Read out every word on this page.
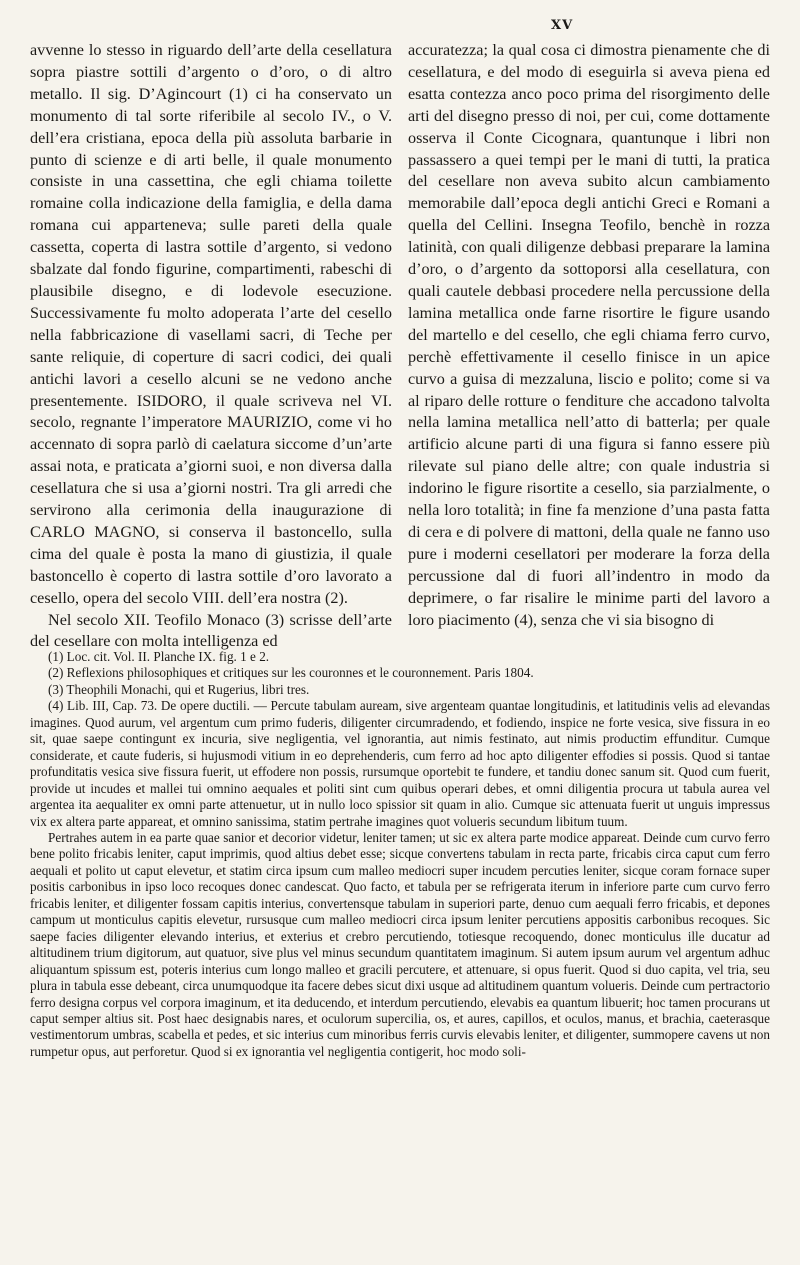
XV

avvenne lo stesso in riguardo dell’arte della cesellatura sopra piastre sottili d’argento o d’oro, o di altro metallo. Il sig. D’Agincourt (1) ci ha conservato un monumento di tal sorte riferibile al secolo IV., o V. dell’era cristiana, epoca della più assoluta barbarie in punto di scienze e di arti belle, il quale monumento consiste in una cassettina, che egli chiama toilette romaine colla indicazione della famiglia, e della dama romana cui apparteneva; sulle pareti della quale cassetta, coperta di lastra sottile d’argento, si vedono sbalzate dal fondo figurine, compartimenti, rabeschi di plausibile disegno, e di lodevole esecuzione. Successivamente fu molto adoperata l’arte del cesello nella fabbricazione di vasellami sacri, di Teche per sante reliquie, di coperture di sacri codici, dei quali antichi lavori a cesello alcuni se ne vedono anche presentemente. ISIDORO, il quale scriveva nel VI. secolo, regnante l’imperatore MAURIZIO, come vi ho accennato di sopra parlò di caelatura siccome d’un’arte assai nota, e praticata a’giorni suoi, e non diversa dalla cesellatura che si usa a’giorni nostri. Tra gli arredi che servirono alla cerimonia della inaugurazione di CARLO MAGNO, si conserva il bastoncello, sulla cima del quale è posta la mano di giustizia, il quale bastoncello è coperto di lastra sottile d’oro lavorato a cesello, opera del secolo VIII. dell’era nostra (2).

Nel secolo XII. Teofilo Monaco (3) scrisse dell’arte del cesellare con molta intelligenza ed

accuratezza; la qual cosa ci dimostra pienamente che di cesellatura, e del modo di eseguirla si aveva piena ed esatta contezza anco poco prima del risorgimento delle arti del disegno presso di noi, per cui, come dottamente osserva il Conte Cicognara, quantunque i libri non passassero a quei tempi per le mani di tutti, la pratica del cesellare non aveva subito alcun cambiamento memorabile dall’epoca degli antichi Greci e Romani a quella del Cellini. Insegna Teofilo, benchè in rozza latinità, con quali diligenze debbasi preparare la lamina d’oro, o d’argento da sottoporsi alla cesellatura, con quali cautele debbasi procedere nella percussione della lamina metallica onde farne risortire le figure usando del martello e del cesello, che egli chiama ferro curvo, perchè effettivamente il cesello finisce in un apice curvo a guisa di mezzaluna, liscio e polito; come si va al riparo delle rotture o fenditure che accadono talvolta nella lamina metallica nell’atto di batterla; per quale artificio alcune parti di una figura si fanno essere più rilevate sul piano delle altre; con quale industria si indorino le figure risortite a cesello, sia parzialmente, o nella loro totalità; in fine fa menzione d’una pasta fatta di cera e di polvere di mattoni, della quale ne fanno uso pure i moderni cesellatori per moderare la forza della percussione dal di fuori all’indentro in modo da deprimere, o far risalire le minime parti del lavoro a loro piacimento (4), senza che vi sia bisogno di

(1) Loc. cit. Vol. II. Planche IX. fig. 1 e 2.

(2) Reflexions philosophiques et critiques sur les couronnes et le couronnement. Paris 1804.

(3) Theophili Monachi, qui et Rugerius, libri tres.

(4) Lib. III, Cap. 73. De opere ductili. — Percute tabulam auream, sive argenteam quantae longitudinis, et latitudinis velis ad elevandas imagines. Quod aurum, vel argentum cum primo fuderis, diligenter circumradendo, et fodiendo, inspice ne forte vesica, sive fissura in eo sit, quae saepe contingunt ex incuria, sive negligentia, vel ignorantia, aut nimis festinato, aut nimis productim effunditur. Cumque considerate, et caute fuderis, si hujusmodi vitium in eo deprehenderis, cum ferro ad hoc apto diligenter effodies si possis. Quod si tantae profunditatis vesica sive fissura fuerit, ut effodere non possis, rursumque oportebit te fundere, et tandiu donec sanum sit. Quod cum fuerit, provide ut incudes et mallei tui omnino aequales et politi sint cum quibus operari debes, et omni diligentia procura ut tabula aurea vel argentea ita aequaliter ex omni parte attenuetur, ut in nullo loco spissior sit quam in alio. Cumque sic attenuata fuerit ut unguis impressus vix ex altera parte appareat, et omnino sanissima, statim pertrahe imagines quot volueris secundum libitum tuum.

Pertrahes autem in ea parte quae sanior et decorior videtur, leniter tamen; ut sic ex altera parte modice appareat. Deinde cum curvo ferro bene polito fricabis leniter, caput imprimis, quod altius debet esse; sicque convertens tabulam in recta parte, fricabis circa caput cum ferro aequali et polito ut caput elevetur, et statim circa ipsum cum malleo mediocri super incudem percuties leniter, sicque coram fornace super positis carbonibus in ipso loco recoques donec candescat. Quo facto, et tabula per se refrigerata iterum in inferiore parte cum curvo ferro fricabis leniter, et diligenter fossam capitis interius, convertensque tabulam in superiori parte, denuo cum aequali ferro fricabis, et depones campum ut monticulus capitis elevetur, rursusque cum malleo mediocri circa ipsum leniter percutiens appositis carbonibus recoques. Sic saepe facies diligenter elevando interius, et exterius et crebro percutiendo, totiesque recoquendo, donec monticulus ille ducatur ad altitudinem trium digitorum, aut quatuor, sive plus vel minus secundum quantitatem imaginum. Si autem ipsum aurum vel argentum adhuc aliquantum spissum est, poteris interius cum longo malleo et gracili percutere, et attenuare, si opus fuerit. Quod si duo capita, vel tria, seu plura in tabula esse debeant, circa unumquodque ita facere debes sicut dixi usque ad altitudinem quantum volueris. Deinde cum pertractorio ferro designa corpus vel corpora imaginum, et ita deducendo, et interdum percutiendo, elevabis ea quantum libuerit; hoc tamen procurans ut caput semper altius sit. Post haec designabis nares, et oculorum supercilia, os, et aures, capillos, et oculos, manus, et brachia, caeterasque vestimentorum umbras, scabella et pedes, et sic interius cum minoribus ferris curvis elevabis leniter, et diligenter, summopere cavens ut non rumpetur opus, aut perforetur. Quod si ex ignorantia vel negligentia contigerit, hoc modo soli-
